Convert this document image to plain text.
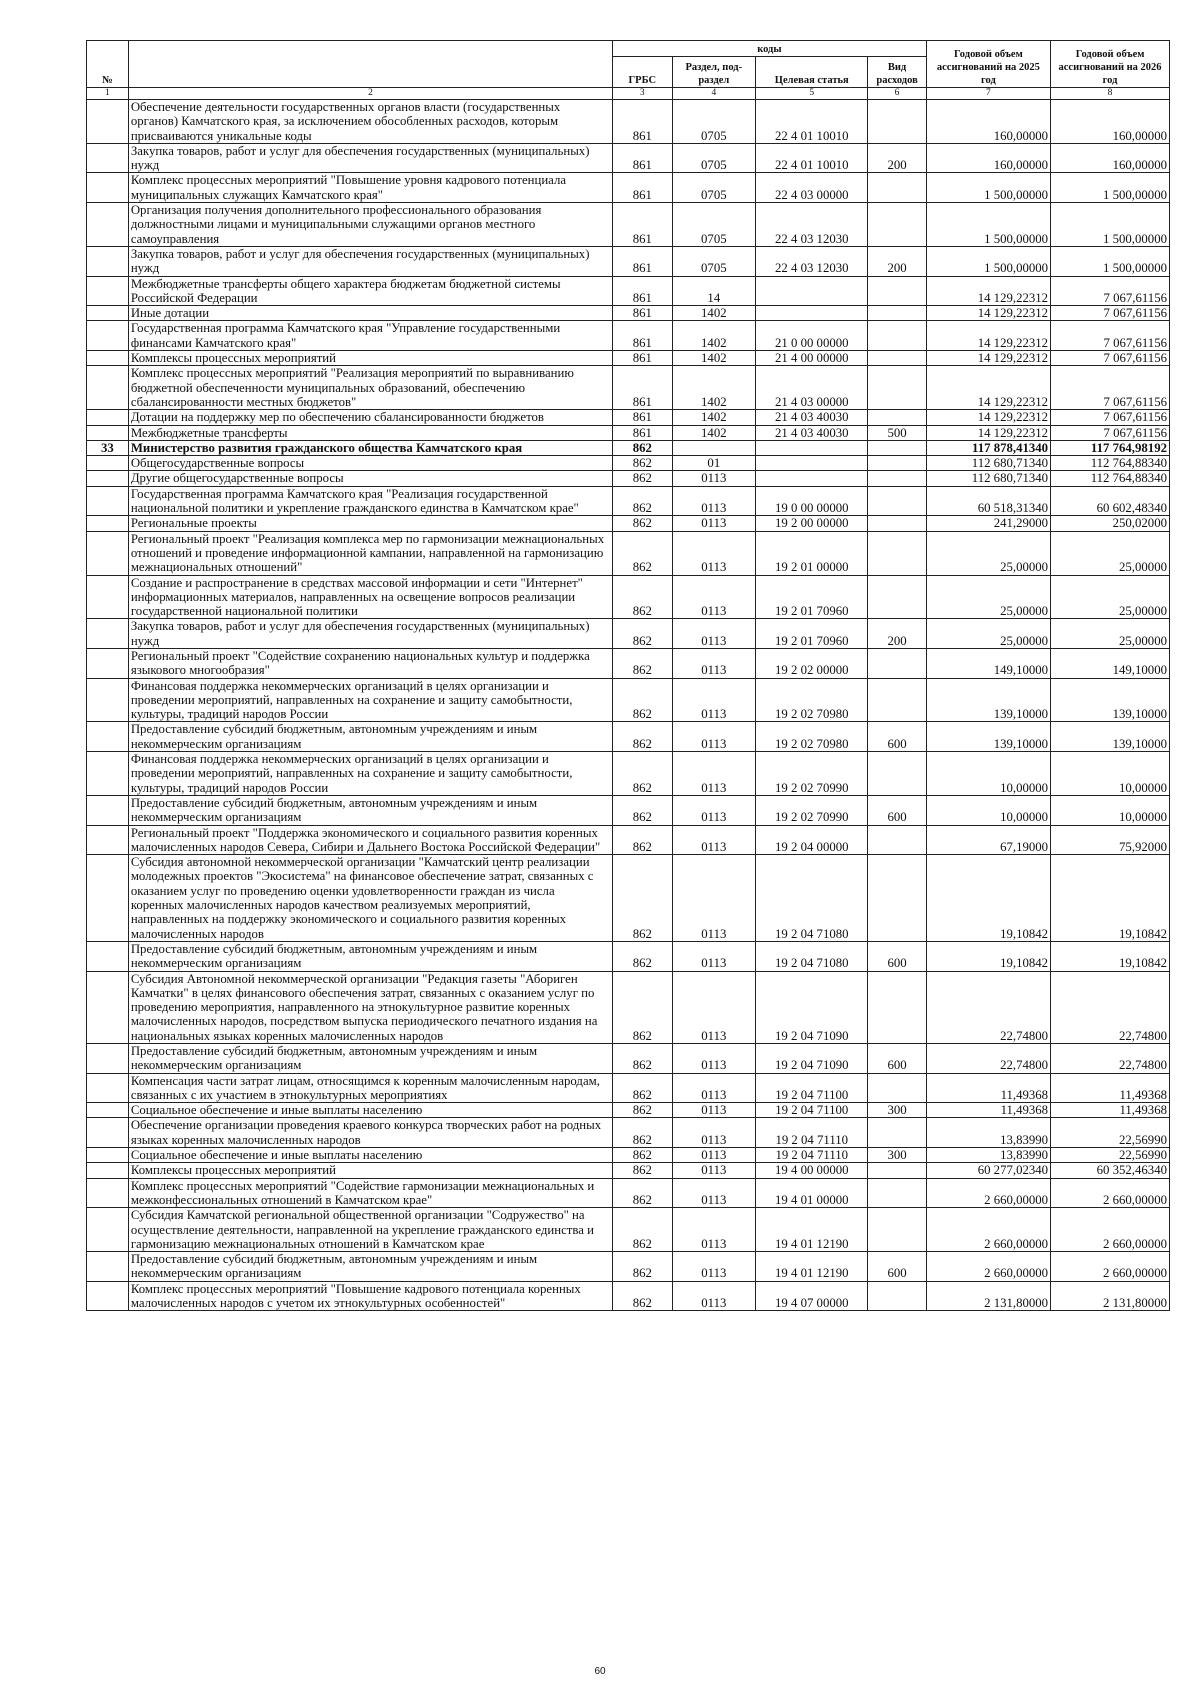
№		коды				Годовой объем ассигнований на 2025 год	Годовой объем ассигнований на 2026 год
		ГРБС	Раздел, под-раздел	Целевая статья	Вид расходов		
1	2	3	4	5	6	7	8
	Обеспечение деятельности государственных органов власти (государственных органов) Камчатского края, за исключением обособленных расходов, которым присваиваются уникальные коды	861	0705	22 4 01 10010		160,00000	160,00000
	Закупка товаров, работ и услуг для обеспечения государственных (муниципальных) нужд	861	0705	22 4 01 10010	200	160,00000	160,00000
	Комплекс процессных мероприятий "Повышение уровня кадрового потенциала муниципальных служащих Камчатского края"	861	0705	22 4 03 00000		1 500,00000	1 500,00000
	Организация получения дополнительного профессионального образования должностными лицами и муниципальными служащими органов местного самоуправления	861	0705	22 4 03 12030		1 500,00000	1 500,00000
	Закупка товаров, работ и услуг для обеспечения государственных (муниципальных) нужд	861	0705	22 4 03 12030	200	1 500,00000	1 500,00000
	Межбюджетные трансферты общего характера бюджетам бюджетной системы Российской Федерации	861	14			14 129,22312	7 067,61156
	Иные дотации	861	1402			14 129,22312	7 067,61156
	Государственная программа Камчатского края "Управление государственными финансами Камчатского края"	861	1402	21 0 00 00000		14 129,22312	7 067,61156
	Комплексы процессных мероприятий	861	1402	21 4 00 00000		14 129,22312	7 067,61156
	Комплекс процессных мероприятий "Реализация мероприятий по выравниванию бюджетной обеспеченности муниципальных образований, обеспечению сбалансированности местных бюджетов"	861	1402	21 4 03 00000		14 129,22312	7 067,61156
	Дотации на поддержку мер по обеспечению сбалансированности бюджетов	861	1402	21 4 03 40030		14 129,22312	7 067,61156
	Межбюджетные трансферты	861	1402	21 4 03 40030	500	14 129,22312	7 067,61156
33	Министерство развития гражданского общества Камчатского края	862				117 878,41340	117 764,98192
	Общегосударственные вопросы	862	01			112 680,71340	112 764,88340
	Другие общегосударственные вопросы	862	0113			112 680,71340	112 764,88340
	Государственная программа Камчатского края "Реализация государственной национальной политики и укрепление гражданского единства в Камчатском крае"	862	0113	19 0 00 00000		60 518,31340	60 602,48340
	Региональные проекты	862	0113	19 2 00 00000		241,29000	250,02000
	Региональный проект "Реализация комплекса мер по гармонизации межнациональных отношений и проведение информационной кампании, направленной на гармонизацию межнациональных отношений"	862	0113	19 2 01 00000		25,00000	25,00000
	Создание и распространение в средствах массовой информации и сети "Интернет" информационных материалов, направленных на освещение вопросов реализации государственной национальной политики	862	0113	19 2 01 70960		25,00000	25,00000
	Закупка товаров, работ и услуг для обеспечения государственных (муниципальных) нужд	862	0113	19 2 01 70960	200	25,00000	25,00000
	Региональный проект "Содействие сохранению национальных культур и поддержка языкового многообразия"	862	0113	19 2 02 00000		149,10000	149,10000
	Финансовая поддержка некоммерческих организаций в целях организации и проведении мероприятий, направленных на сохранение и защиту самобытности, культуры, традиций народов России	862	0113	19 2 02 70980		139,10000	139,10000
	Предоставление субсидий бюджетным, автономным учреждениям и иным некоммерческим организациям	862	0113	19 2 02 70980	600	139,10000	139,10000
	Финансовая поддержка некоммерческих организаций в целях организации и проведении мероприятий, направленных на сохранение и защиту самобытности, культуры, традиций народов России	862	0113	19 2 02 70990		10,00000	10,00000
	Предоставление субсидий бюджетным, автономным учреждениям и иным некоммерческим организациям	862	0113	19 2 02 70990	600	10,00000	10,00000
	Региональный проект "Поддержка экономического и социального развития коренных малочисленных народов Севера, Сибири и Дальнего Востока Российской Федерации"	862	0113	19 2 04 00000		67,19000	75,92000
	Субсидия автономной некоммерческой организации "Камчатский центр реализации молодежных проектов "Экосистема" на финансовое обеспечение затрат, связанных с оказанием услуг по проведению оценки удовлетворенности граждан из числа коренных малочисленных народов качеством реализуемых мероприятий, направленных на поддержку экономического и социального развития коренных малочисленных народов	862	0113	19 2 04 71080		19,10842	19,10842
	Предоставление субсидий бюджетным, автономным учреждениям и иным некоммерческим организациям	862	0113	19 2 04 71080	600	19,10842	19,10842
	Субсидия Автономной некоммерческой организации "Редакция газеты "Абориген Камчатки" в целях финансового обеспечения затрат, связанных с оказанием услуг по проведению мероприятия, направленного на этнокультурное развитие коренных малочисленных народов, посредством выпуска периодического печатного издания на национальных языках коренных малочисленных народов	862	0113	19 2 04 71090		22,74800	22,74800
	Предоставление субсидий бюджетным, автономным учреждениям и иным некоммерческим организациям	862	0113	19 2 04 71090	600	22,74800	22,74800
	Компенсация части затрат лицам, относящимся к коренным малочисленным народам, связанных с их участием в этнокультурных мероприятиях	862	0113	19 2 04 71100		11,49368	11,49368
	Социальное обеспечение и иные выплаты населению	862	0113	19 2 04 71100	300	11,49368	11,49368
	Обеспечение организации проведения краевого конкурса творческих работ на родных языках коренных малочисленных народов	862	0113	19 2 04 71110		13,83990	22,56990
	Социальное обеспечение и иные выплаты населению	862	0113	19 2 04 71110	300	13,83990	22,56990
	Комплексы процессных мероприятий	862	0113	19 4 00 00000		60 277,02340	60 352,46340
	Комплекс процессных мероприятий "Содействие гармонизации межнациональных и межконфессиональных отношений в Камчатском крае"	862	0113	19 4 01 00000		2 660,00000	2 660,00000
	Субсидия Камчатской региональной общественной организации "Содружество" на осуществление деятельности, направленной на укрепление гражданского единства и гармонизацию межнациональных отношений в Камчатском крае	862	0113	19 4 01 12190		2 660,00000	2 660,00000
	Предоставление субсидий бюджетным, автономным учреждениям и иным некоммерческим организациям	862	0113	19 4 01 12190	600	2 660,00000	2 660,00000
	Комплекс процессных мероприятий "Повышение кадрового потенциала коренных малочисленных народов с учетом их этнокультурных особенностей"	862	0113	19 4 07 00000		2 131,80000	2 131,80000
60
